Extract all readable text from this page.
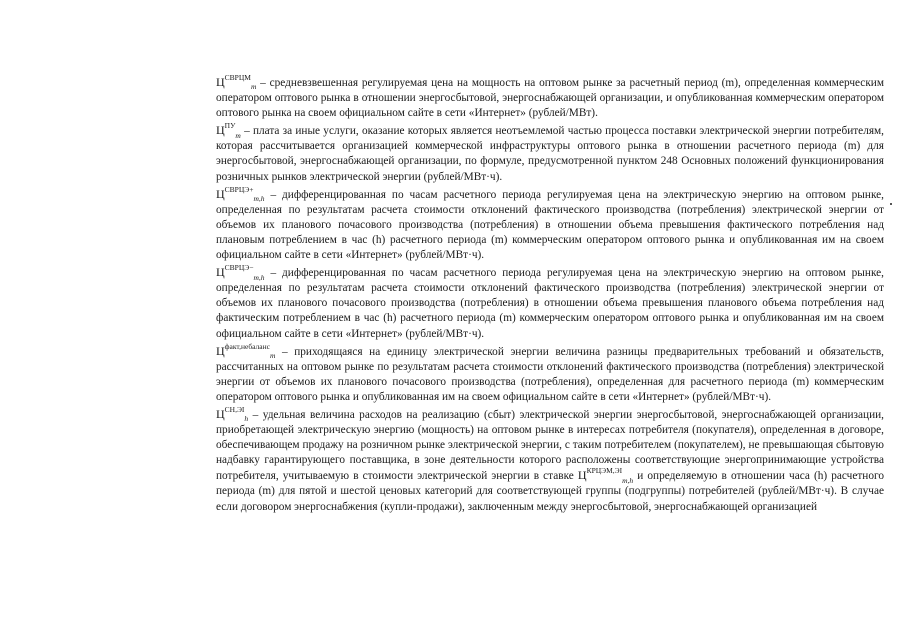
$Ц^{СВРЦМ}_m$ – средневзвешенная регулируемая цена на мощность на оптовом рынке за расчетный период (m), определенная коммерческим оператором оптового рынка в отношении энергосбытовой, энергоснабжающей организации, и опубликованная коммерческим оператором оптового рынка на своем официальном сайте в сети «Интернет» (рублей/МВт).

$Ц^{ПУ}_m$ – плата за иные услуги, оказание которых является неотъемлемой частью процесса поставки электрической энергии потребителям, которая рассчитывается организацией коммерческой инфраструктуры оптового рынка в отношении расчетного периода (m) для энергосбытовой, энергоснабжающей организации, по формуле, предусмотренной пунктом 248 Основных положений функционирования розничных рынков электрической энергии (рублей/МВт·ч).

$Ц^{СВРЦЭ+}_{m,h}$ – дифференцированная по часам расчетного периода регулируемая цена на электрическую энергию на оптовом рынке, определенная по результатам расчета стоимости отклонений фактического производства (потребления) электрической энергии от объемов их планового почасового производства (потребления) в отношении объема превышения фактического потребления над плановым потреблением в час (h) расчетного периода (m) коммерческим оператором оптового рынка и опубликованная им на своем официальном сайте в сети «Интернет» (рублей/МВт·ч).

$Ц^{СВРЦЭ-}_{m,h}$ – дифференцированная по часам расчетного периода регулируемая цена на электрическую энергию на оптовом рынке, определенная по результатам расчета стоимости отклонений фактического производства (потребления) электрической энергии от объемов их планового почасового производства (потребления) в отношении объема превышения планового объема потребления над фактическим потреблением в час (h) расчетного периода (m) коммерческим оператором оптового рынка и опубликованная им на своем официальном сайте в сети «Интернет» (рублей/МВт·ч).

$Ц^{факт,небаланс}_m$ – приходящаяся на единицу электрической энергии величина разницы предварительных требований и обязательств, рассчитанных на оптовом рынке по результатам расчета стоимости отклонений фактического производства (потребления) электрической энергии от объемов их планового почасового производства (потребления), определенная для расчетного периода (m) коммерческим оператором оптового рынка и опубликованная им на своем официальном сайте в сети «Интернет» (рублей/МВт·ч).

$Ц^{СН,ЭI}_h$ – удельная величина расходов на реализацию (сбыт) электрической энергии энергосбытовой, энергоснабжающей организации, приобретающей электрическую энергию (мощность) на оптовом рынке в интересах потребителя (покупателя), определенная в договоре, обеспечивающем продажу на розничном рынке электрической энергии, с таким потребителем (покупателем), не превышающая сбытовую надбавку гарантирующего поставщика, в зоне деятельности которого расположены соответствующие энергопринимающие устройства потребителя, учитываемую в стоимости электрической энергии в ставке $Ц^{КРЦЭМ,ЭI}_{m,h}$ и определяемую в отношении часа (h) расчетного периода (m) для пятой и шестой ценовых категорий для соответствующей группы (подгруппы) потребителей (рублей/МВт·ч). В случае если договором энергоснабжения (купли-продажи), заключенным между энергосбытовой, энергоснабжающей организацией
